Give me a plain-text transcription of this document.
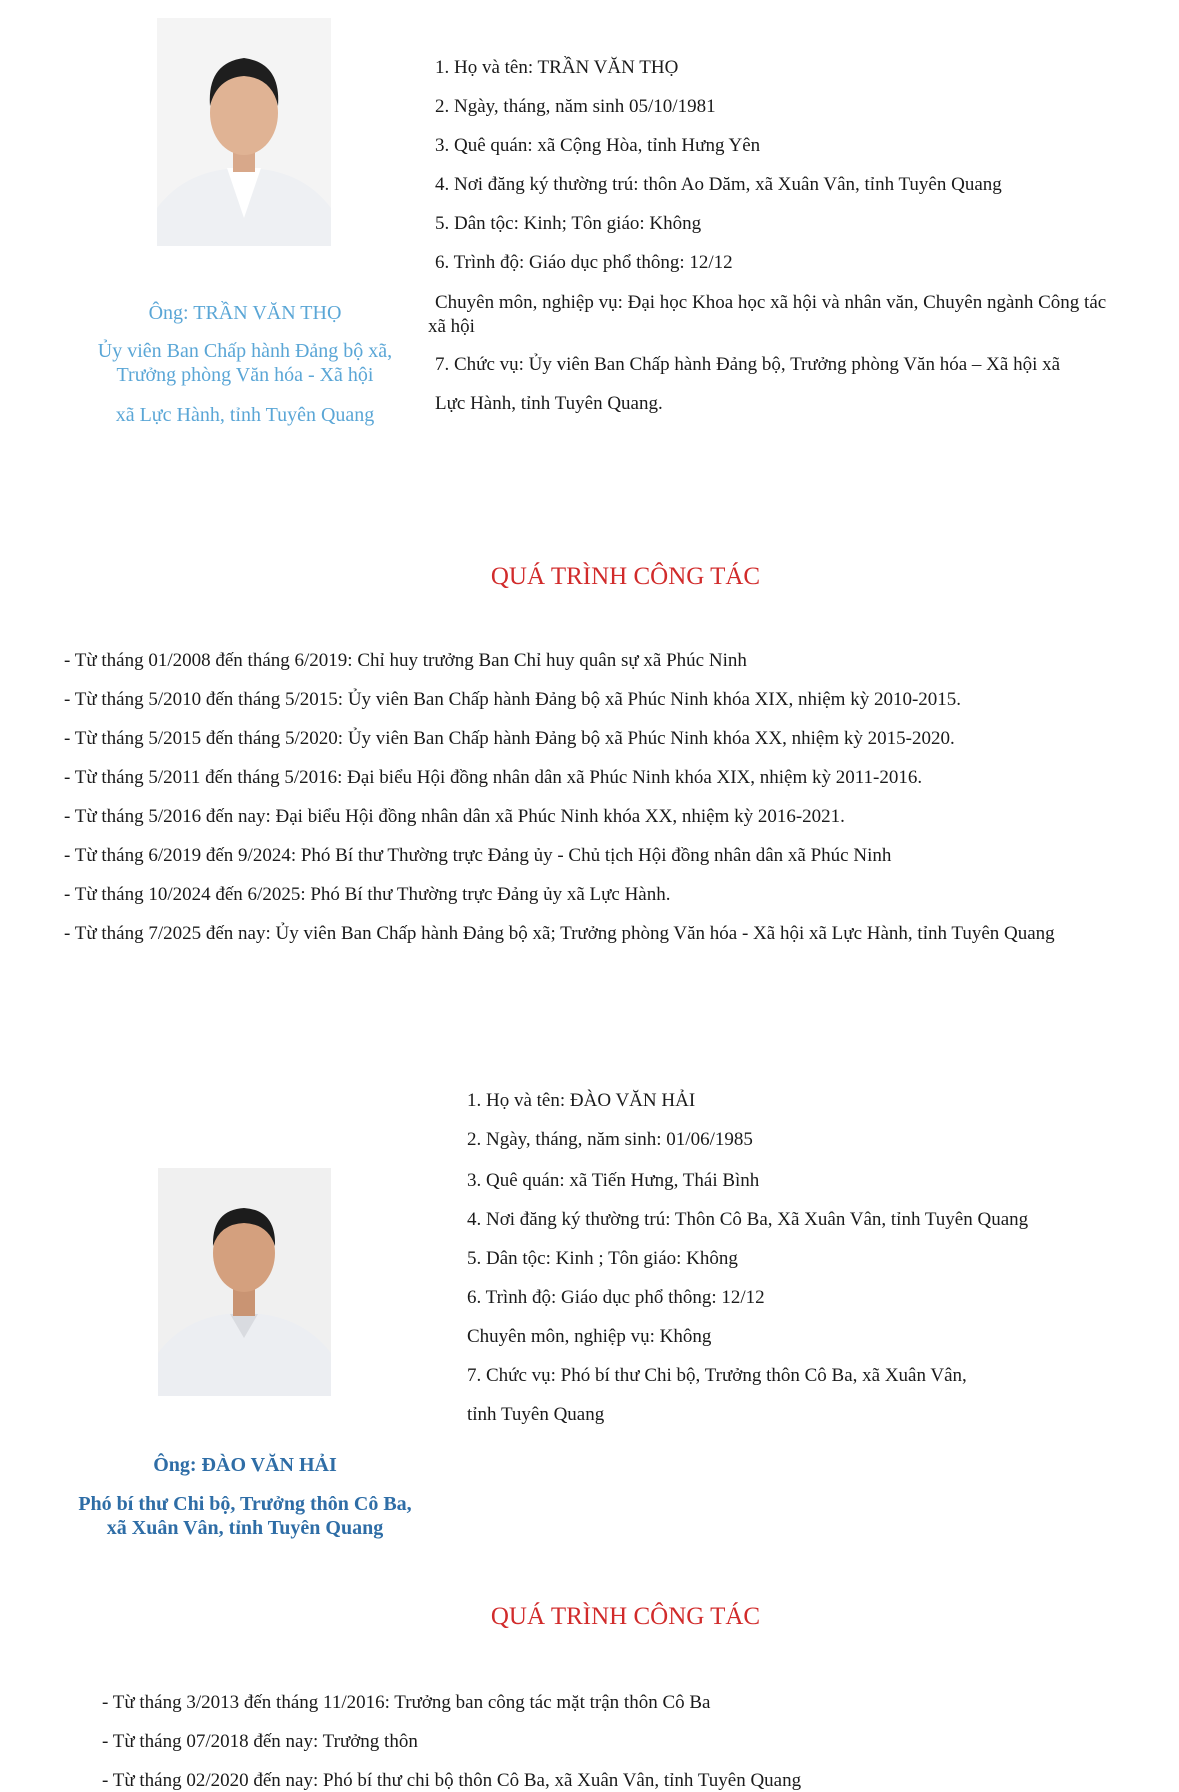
Ông: TRẦN VĂN THỌ
Ủy viên Ban Chấp hành Đảng bộ xã,
Trưởng phòng Văn hóa - Xã hội
xã Lực Hành, tỉnh Tuyên Quang
1. Họ và tên: TRẦN VĂN THỌ
2. Ngày, tháng, năm sinh 05/10/1981
3. Quê quán: xã Cộng Hòa, tỉnh Hưng Yên
4. Nơi đăng ký thường trú: thôn Ao Dăm, xã Xuân Vân, tỉnh Tuyên Quang
5. Dân tộc: Kinh; Tôn giáo: Không
6. Trình độ: Giáo dục phổ thông: 12/12
Chuyên môn, nghiệp vụ: Đại học Khoa học xã hội và nhân văn, Chuyên ngành Công tác xã hội
7. Chức vụ: Ủy viên Ban Chấp hành Đảng bộ, Trưởng phòng Văn hóa – Xã hội xã
Lực Hành, tỉnh Tuyên Quang.
QUÁ TRÌNH CÔNG TÁC
- Từ tháng 01/2008 đến tháng 6/2019: Chỉ huy trưởng Ban Chỉ huy quân sự xã Phúc Ninh
- Từ tháng 5/2010 đến tháng 5/2015: Ủy viên Ban Chấp hành Đảng bộ xã Phúc Ninh khóa XIX, nhiệm kỳ 2010-2015.
- Từ tháng 5/2015 đến tháng 5/2020: Ủy viên Ban Chấp hành Đảng bộ xã Phúc Ninh khóa XX, nhiệm kỳ 2015-2020.
- Từ tháng 5/2011 đến tháng 5/2016: Đại biểu Hội đồng nhân dân xã Phúc Ninh khóa XIX, nhiệm kỳ 2011-2016.
- Từ tháng 5/2016 đến nay: Đại biểu Hội đồng nhân dân xã Phúc Ninh khóa XX, nhiệm kỳ 2016-2021.
- Từ tháng 6/2019 đến 9/2024: Phó Bí thư Thường trực Đảng ủy - Chủ tịch Hội đồng nhân dân xã Phúc Ninh
- Từ tháng 10/2024 đến 6/2025: Phó Bí thư Thường trực Đảng ủy xã Lực Hành.
- Từ tháng 7/2025 đến nay: Ủy viên Ban Chấp hành Đảng bộ xã; Trưởng phòng Văn hóa - Xã hội xã Lực Hành, tỉnh Tuyên Quang
Ông: ĐÀO VĂN HẢI
Phó bí thư Chi bộ, Trưởng thôn Cô Ba,
xã Xuân Vân, tỉnh Tuyên Quang
1. Họ và tên: ĐÀO VĂN HẢI
2. Ngày, tháng, năm sinh: 01/06/1985
3. Quê quán: xã Tiến Hưng, Thái Bình
4. Nơi đăng ký thường trú: Thôn Cô Ba, Xã Xuân Vân, tỉnh Tuyên Quang
5. Dân tộc: Kinh ; Tôn giáo: Không
6. Trình độ: Giáo dục phổ thông: 12/12
Chuyên môn, nghiệp vụ: Không
7. Chức vụ: Phó bí thư Chi bộ, Trưởng thôn Cô Ba, xã Xuân Vân,
tỉnh Tuyên Quang
QUÁ TRÌNH CÔNG TÁC
- Từ tháng 3/2013 đến tháng 11/2016: Trưởng ban công tác mặt trận thôn Cô Ba
- Từ tháng 07/2018 đến nay: Trưởng thôn
- Từ tháng 02/2020 đến nay: Phó bí thư chi bộ thôn Cô Ba, xã Xuân Vân, tỉnh Tuyên Quang
